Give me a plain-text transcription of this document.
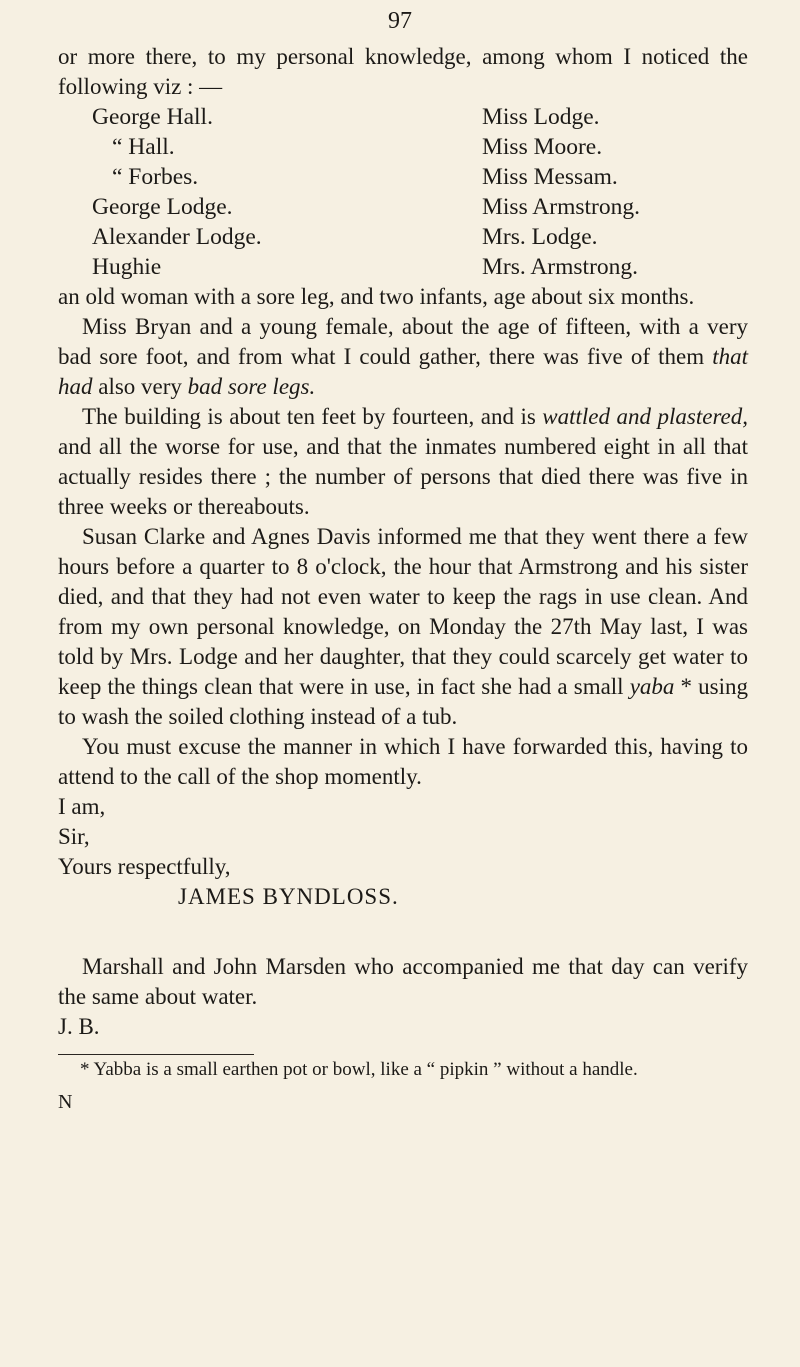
97

or more there, to my personal knowledge, among whom I noticed the following viz : —

George Hall.
“ Hall.
“ Forbes.
George Lodge.
Alexander Lodge.
Hughie
Miss Lodge.
Miss Moore.
Miss Messam.
Miss Armstrong.
Mrs. Lodge.
Mrs. Armstrong.

an old woman with a sore leg, and two infants, age about six months.

Miss Bryan and a young female, about the age of fifteen, with a very bad sore foot, and from what I could gather, there was five of them that had also very bad sore legs.

The building is about ten feet by fourteen, and is wattled and plastered, and all the worse for use, and that the inmates numbered eight in all that actually resides there ; the number of persons that died there was five in three weeks or thereabouts.

Susan Clarke and Agnes Davis informed me that they went there a few hours before a quarter to 8 o'clock, the hour that Armstrong and his sister died, and that they had not even water to keep the rags in use clean. And from my own personal knowledge, on Monday the 27th May last, I was told by Mrs. Lodge and her daughter, that they could scarcely get water to keep the things clean that were in use, in fact she had a small yaba * using to wash the soiled clothing instead of a tub.

You must excuse the manner in which I have forwarded this, having to attend to the call of the shop momently.

I am,

Sir,

Yours respectfully,

JAMES BYNDLOSS.

Marshall and John Marsden who accompanied me that day can verify the same about water.

J. B.

* Yabba is a small earthen pot or bowl, like a “ pipkin ” without a handle.

N
